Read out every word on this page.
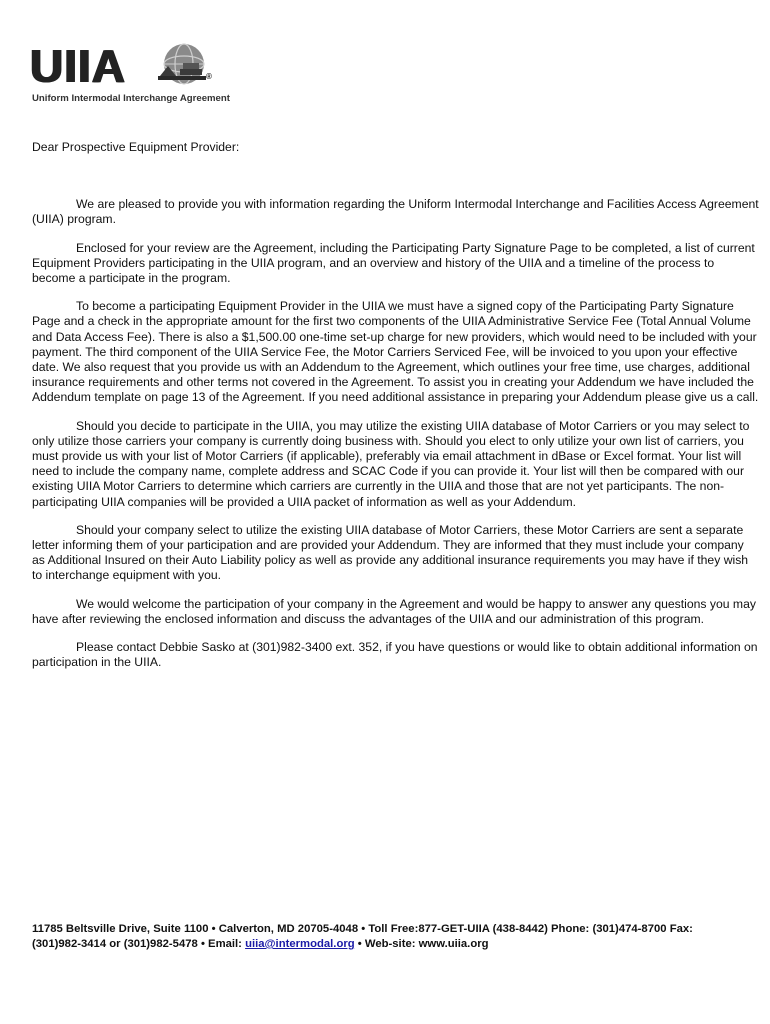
UIIA	®
Uniform Intermodal Interchange Agreement

Dear Prospective Equipment Provider:

We are pleased to provide you with information regarding the Uniform Intermodal Interchange and Facilities Access Agreement (UIIA) program.

Enclosed for your review are the Agreement, including the Participating Party Signature Page to be completed, a list of current Equipment Providers participating in the UIIA program, and an overview and history of the UIIA and a timeline of the process to become a participate in the program.

To become a participating Equipment Provider in the UIIA we must have a signed copy of the Participating Party Signature Page and a check in the appropriate amount for the first two components of the UIIA Administrative Service Fee (Total Annual Volume and Data Access Fee). There is also a $1,500.00 one-time set-up charge for new providers, which would need to be included with your payment. The third component of the UIIA Service Fee, the Motor Carriers Serviced Fee, will be invoiced to you upon your effective date. We also request that you provide us with an Addendum to the Agreement, which outlines your free time, use charges, additional insurance requirements and other terms not covered in the Agreement. To assist you in creating your Addendum we have included the Addendum template on page 13 of the Agreement. If you need additional assistance in preparing your Addendum please give us a call.

Should you decide to participate in the UIIA, you may utilize the existing UIIA database of Motor Carriers or you may select to only utilize those carriers your company is currently doing business with. Should you elect to only utilize your own list of carriers, you must provide us with your list of Motor Carriers (if applicable), preferably via email attachment in dBase or Excel format. Your list will need to include the company name, complete address and SCAC Code if you can provide it. Your list will then be compared with our existing UIIA Motor Carriers to determine which carriers are currently in the UIIA and those that are not yet participants. The non-participating UIIA companies will be provided a UIIA packet of information as well as your Addendum.

Should your company select to utilize the existing UIIA database of Motor Carriers, these Motor Carriers are sent a separate letter informing them of your participation and are provided your Addendum. They are informed that they must include your company as Additional Insured on their Auto Liability policy as well as provide any additional insurance requirements you may have if they wish to interchange equipment with you.

We would welcome the participation of your company in the Agreement and would be happy to answer any questions you may have after reviewing the enclosed information and discuss the advantages of the UIIA and our administration of this program.

Please contact Debbie Sasko at (301)982-3400 ext. 352, if you have questions or would like to obtain additional information on participation in the UIIA.

11785 Beltsville Drive, Suite 1100 • Calverton, MD 20705-4048 • Toll Free:877-GET-UIIA (438-8442) Phone: (301)474-8700 Fax:
(301)982-3414 or (301)982-5478 • Email: uiia@intermodal.org • Web-site: www.uiia.org
